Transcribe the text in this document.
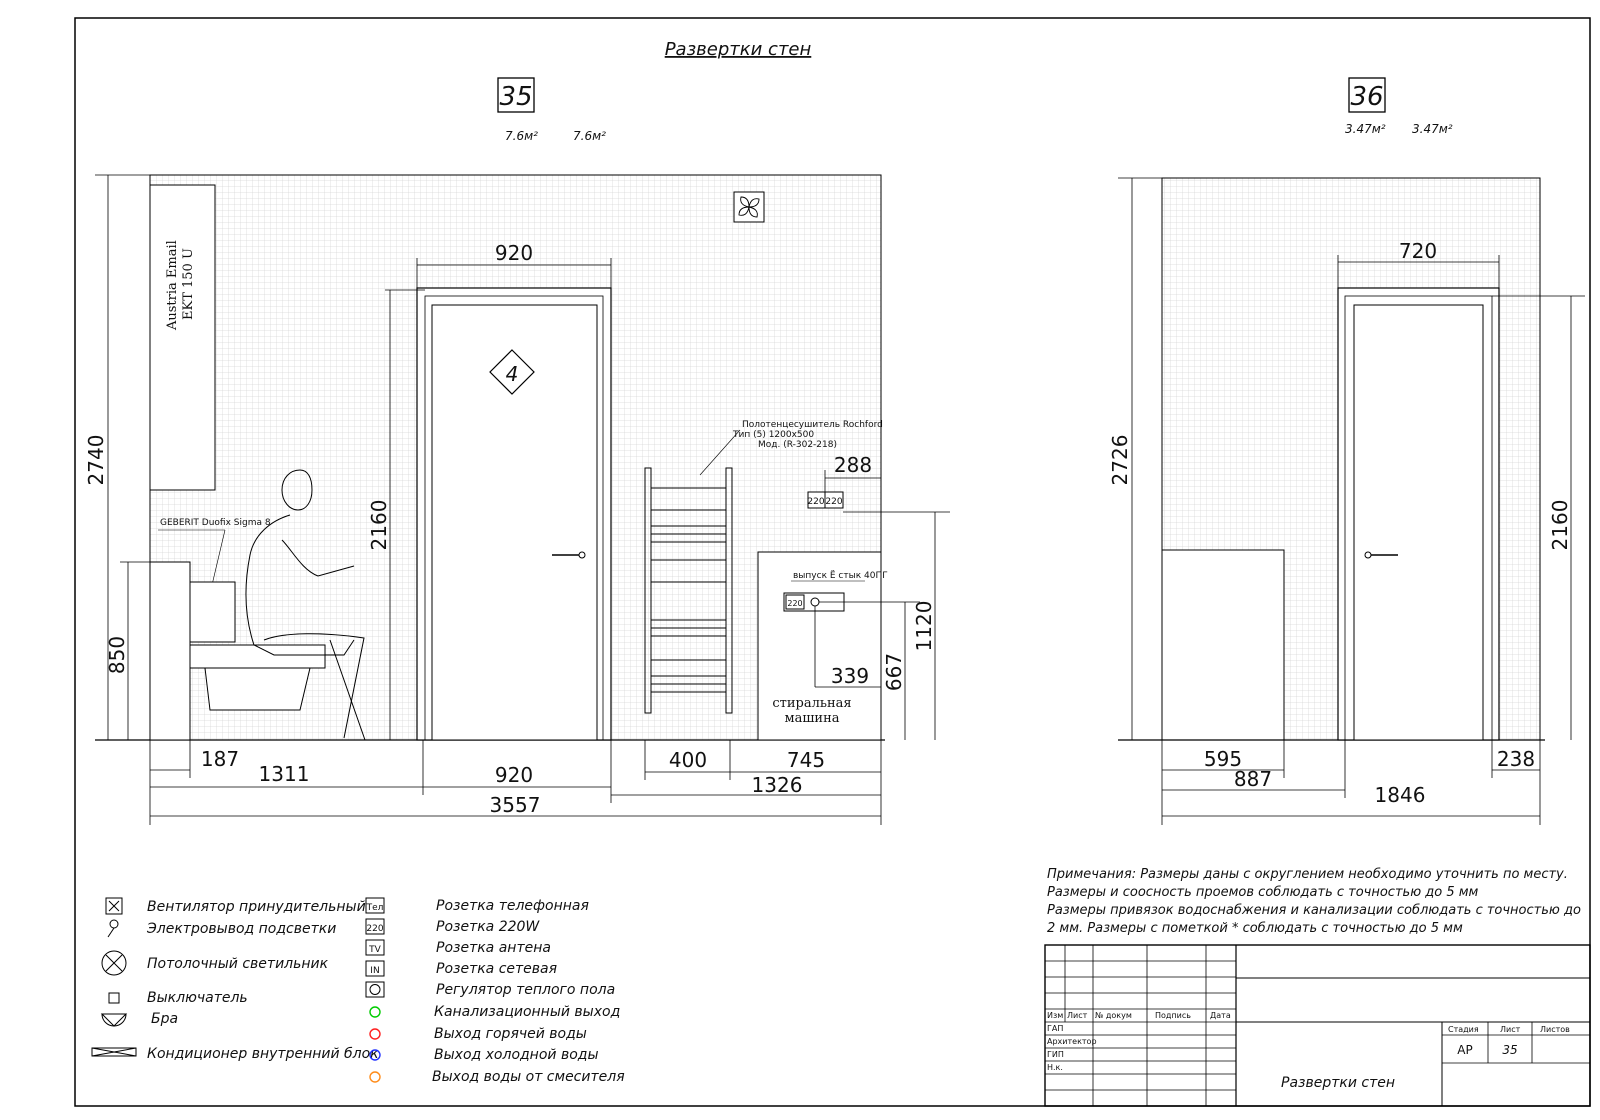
Развертки стен
35
7.6м²	7.6м²
Austria Email EKT 150 U
GEBERIT Duofix Sigma 8
4
Полотенцесушитель Rochford
Тип (5) 1200х500
Мод. (R-302-218)
стиральная
машина
220 220
220
выпуск Ё стык 40ПГ
2740
920
2160
850
288
1120
667
339
187
1311	920
400	745
1326
3557
36
3.47м² 3.47м²
2726
720
2160
595
887
238
1846
Вентилятор принудительный
Электровывод подсветки
Потолочный светильник
Выключатель
Бра
Кондиционер внутренний блок
Тел
220
TV
IN
Розетка телефонная
Розетка 220W
Розетка антена
Розетка сетевая
Регулятор теплого пола
Канализационный выход
Выход горячей воды
Выход холодной воды
Выход воды от смесителя
Примечания: Размеры даны с округлением необходимо уточнить по месту.
Размеры и соосность проемов соблюдать с точностью до 5 мм
Размеры привязок водоснабжения и канализации соблюдать с точностью до
2 мм. Размеры с пометкой * соблюдать с точностью до 5 мм
Изм Лист № докум	Подпись Дата
ГАП
Архитектор
ГИП
Н.к.
Стадия	Лист Листов
АР 35
Развертки стен
